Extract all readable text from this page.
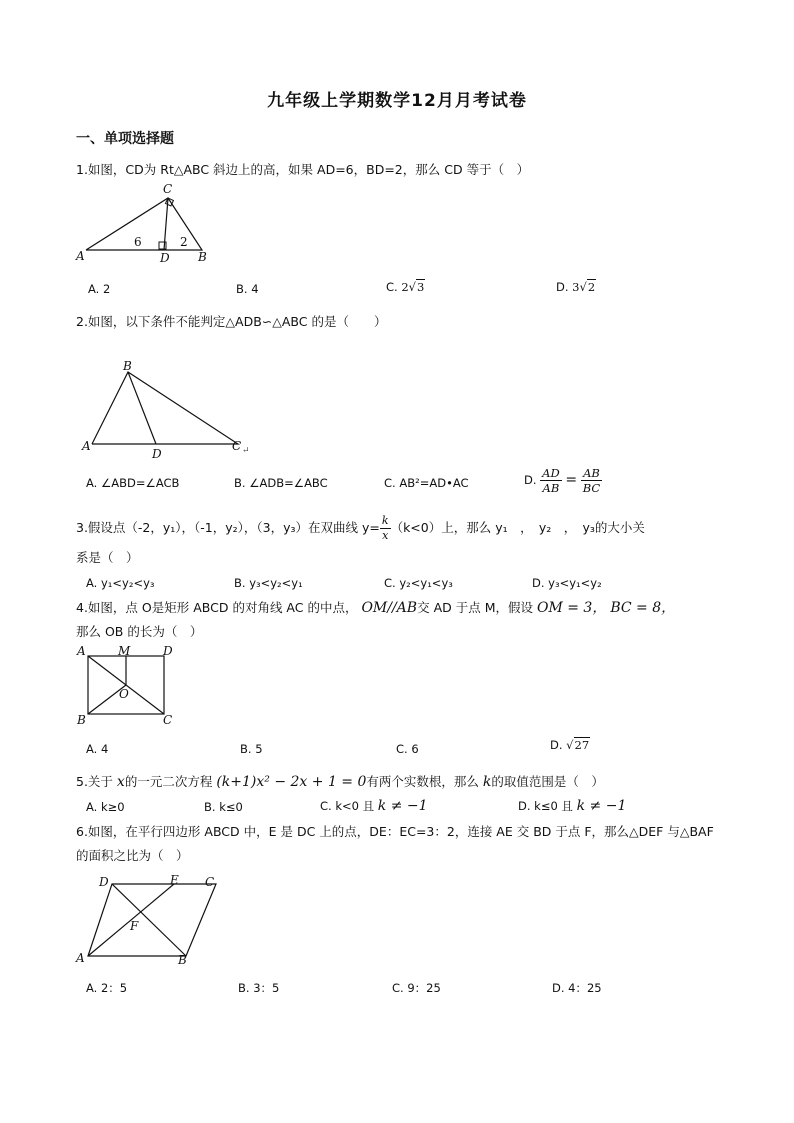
九年级上学期数学12月月考试卷
一、单项选择题
1.如图，CD为 Rt△ABC 斜边上的高，如果 AD=6，BD=2，那么 CD 等于（　）
C
A	D B
6	2
A. 2	B. 4	C. 2√3	D. 3√2
2.如图，以下条件不能判定△ADB∽△ABC 的是（　　）
B
A
D
C ↵
A. ∠ABD=∠ACB	B. ∠ADB=∠ABC	C. AB²=AD•AC	D. $\frac{AD}{AB} = \frac{AB}{BC}$
3.假设点（-2，y₁），（-1，y₂），（3，y₃）在双曲线 $y= \frac{k}{x} (k<0)$上，那么 y₁　，　y₂　，　y₃的大小关
系是（　）
A. y₁<y₂<y₃	B. y₃<y₂<y₁	C. y₂<y₁<y₃	D. y₃<y₁<y₂
4.如图，点 O是矩形 ABCD 的对角线 AC 的中点， OM//AB交 AD 于点 M，假设 OM = 3， BC = 8，
那么 OB 的长为（　）
A	M	D
O
B	C
A. 4	B. 5	C. 6	D. √27
5.关于 x的一元二次方程 (k+1)x² − 2x + 1 = 0有两个实数根，那么 k的取值范围是（　）
A. k≥0	B. k≤0	C. k<0 且 k ≠ −1	D. k≤0 且 k ≠ −1
6.如图，在平行四边形 ABCD 中，E 是 DC 上的点，DE：EC=3：2，连接 AE 交 BD 于点 F，那么△DEF 与△BAF
的面积之比为（　）
D	E C
F
A	B
A. 2：5	B. 3：5	C. 9：25	D. 4：25
